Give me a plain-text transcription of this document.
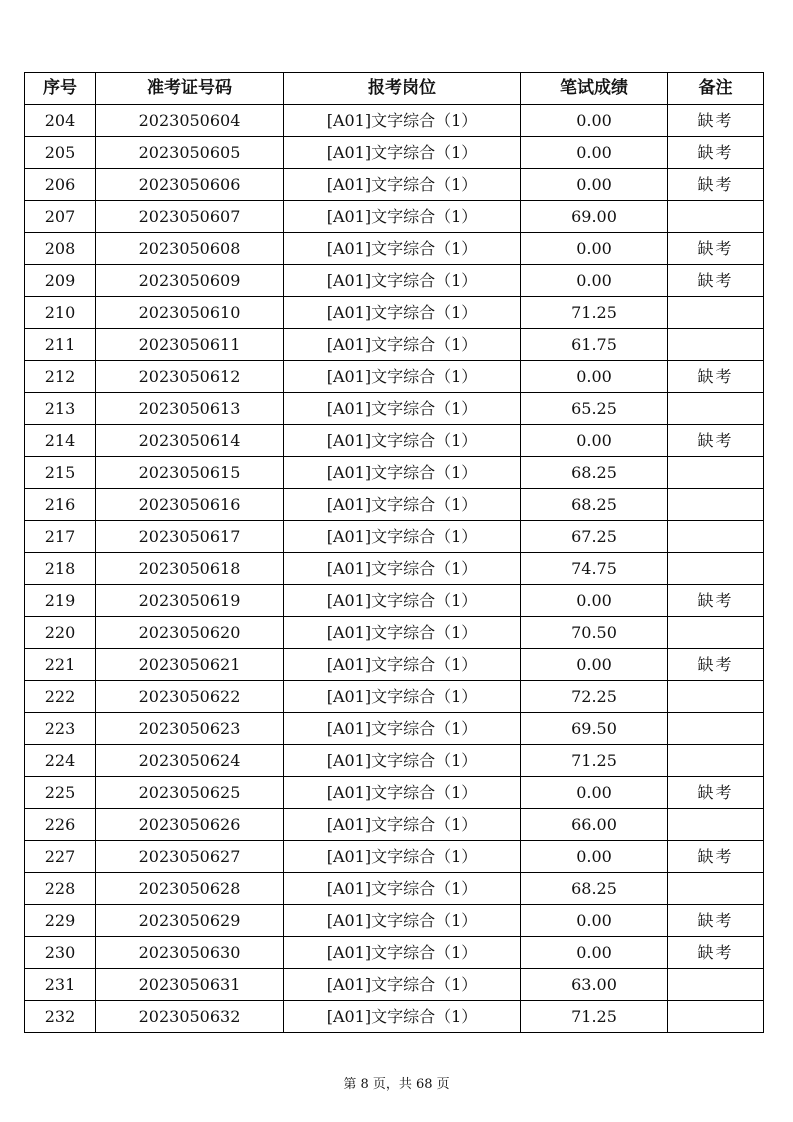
序号	准考证号码	报考岗位	笔试成绩	备注
204	2023050604	[A01]文字综合（1）	0.00	缺考
205	2023050605	[A01]文字综合（1）	0.00	缺考
206	2023050606	[A01]文字综合（1）	0.00	缺考
207	2023050607	[A01]文字综合（1）	69.00	
208	2023050608	[A01]文字综合（1）	0.00	缺考
209	2023050609	[A01]文字综合（1）	0.00	缺考
210	2023050610	[A01]文字综合（1）	71.25	
211	2023050611	[A01]文字综合（1）	61.75	
212	2023050612	[A01]文字综合（1）	0.00	缺考
213	2023050613	[A01]文字综合（1）	65.25	
214	2023050614	[A01]文字综合（1）	0.00	缺考
215	2023050615	[A01]文字综合（1）	68.25	
216	2023050616	[A01]文字综合（1）	68.25	
217	2023050617	[A01]文字综合（1）	67.25	
218	2023050618	[A01]文字综合（1）	74.75	
219	2023050619	[A01]文字综合（1）	0.00	缺考
220	2023050620	[A01]文字综合（1）	70.50	
221	2023050621	[A01]文字综合（1）	0.00	缺考
222	2023050622	[A01]文字综合（1）	72.25	
223	2023050623	[A01]文字综合（1）	69.50	
224	2023050624	[A01]文字综合（1）	71.25	
225	2023050625	[A01]文字综合（1）	0.00	缺考
226	2023050626	[A01]文字综合（1）	66.00	
227	2023050627	[A01]文字综合（1）	0.00	缺考
228	2023050628	[A01]文字综合（1）	68.25	
229	2023050629	[A01]文字综合（1）	0.00	缺考
230	2023050630	[A01]文字综合（1）	0.00	缺考
231	2023050631	[A01]文字综合（1）	63.00	
232	2023050632	[A01]文字综合（1）	71.25	
第 8 页，共 68 页
